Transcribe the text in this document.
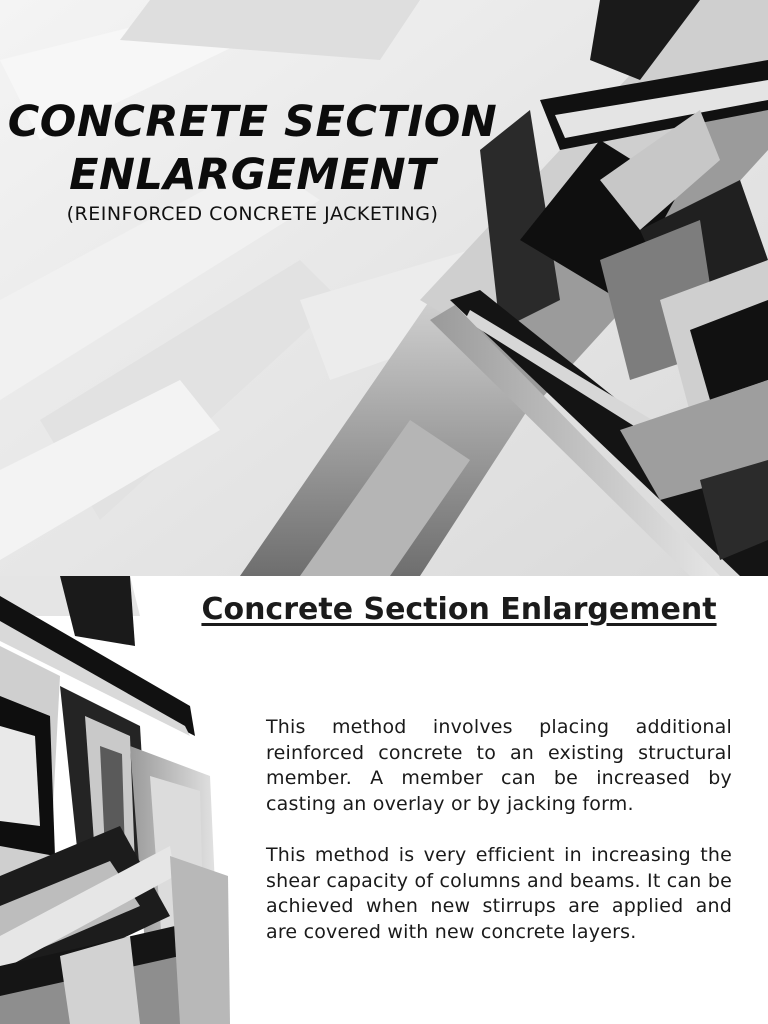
CONCRETE SECTION
ENLARGEMENT
(REINFORCED CONCRETE JACKETING)
Concrete Section Enlargement

This method involves placing additional reinforced concrete to an existing structural member. A member can be increased by casting an overlay or by jacking form.

This method is very efficient in increasing the shear capacity of columns and beams. It can be achieved when new stirrups are applied and are covered with new concrete layers.
